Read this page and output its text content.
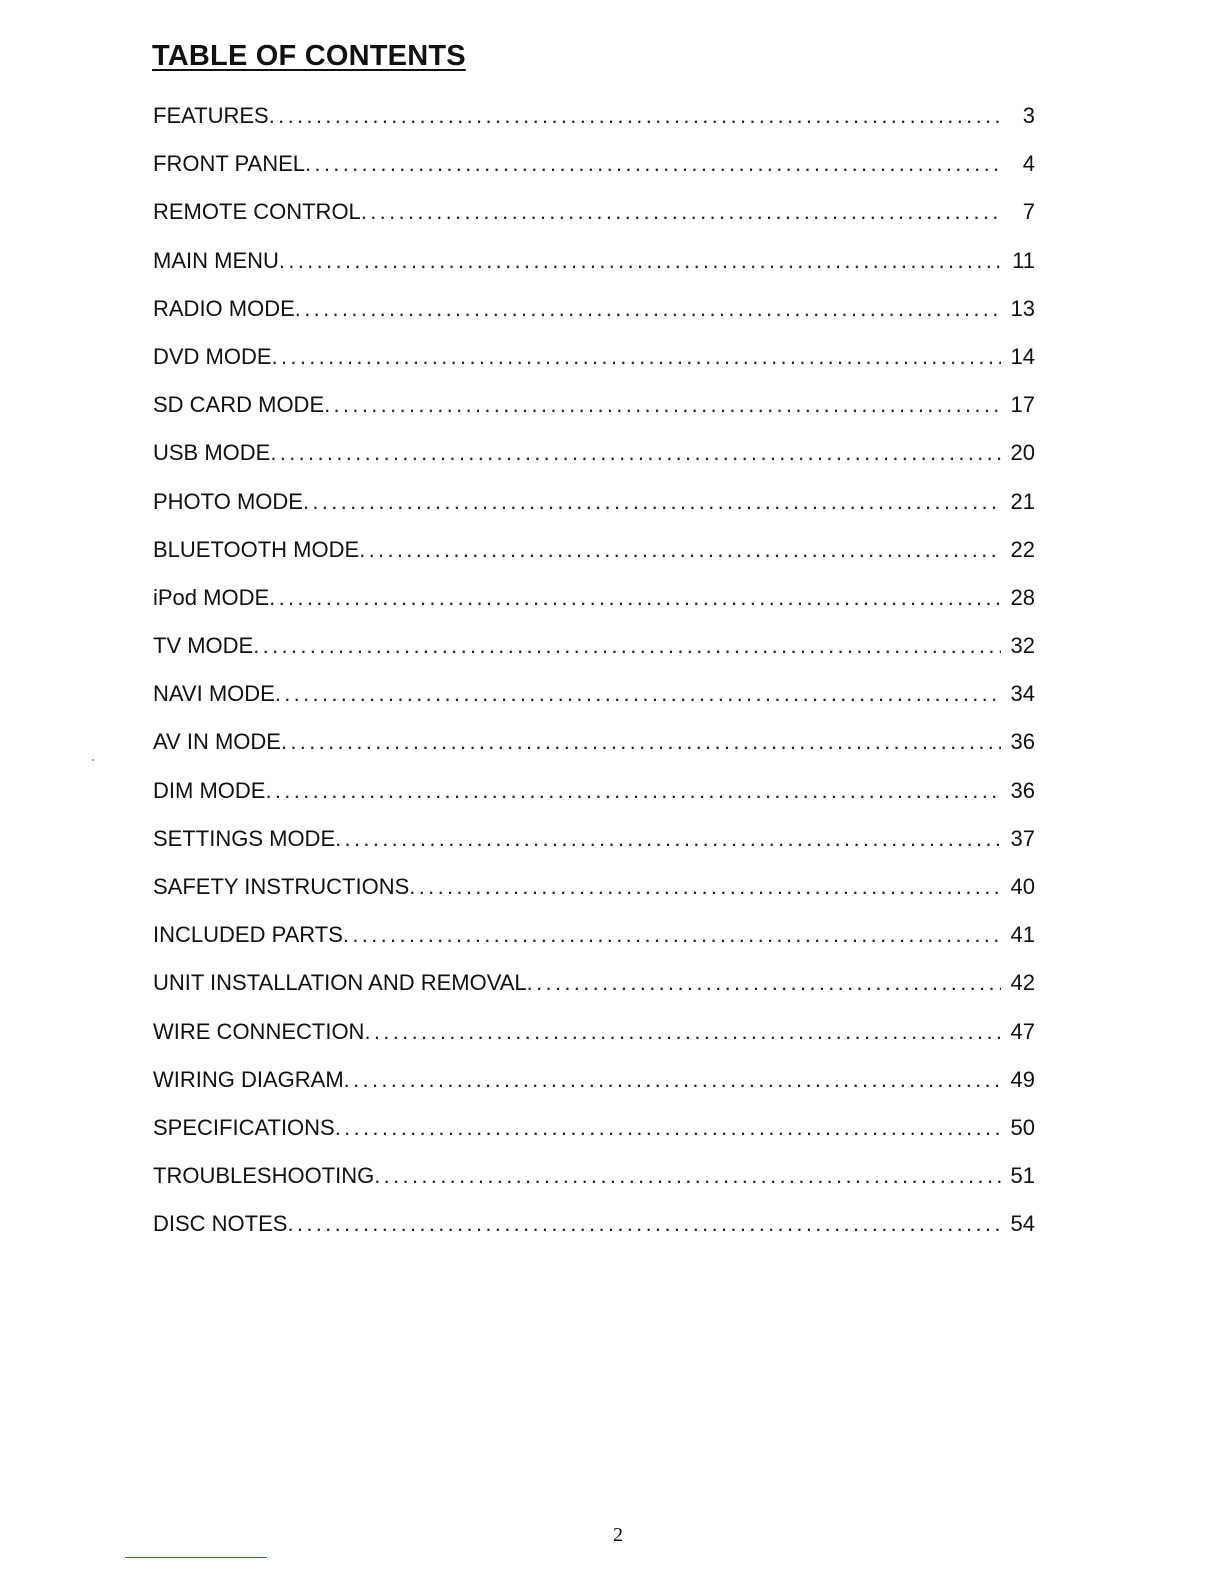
TABLE OF CONTENTS
FEATURES . . .	3
FRONT PANEL . . .	4
REMOTE CONTROL . . .	7
MAIN MENU . . .	11
RADIO MODE . . .	13
DVD MODE . . .	14
SD CARD MODE . . .	17
USB MODE . . .	20
PHOTO MODE . . .	21
BLUETOOTH MODE . . .	22
iPod MODE . . .	28
TV MODE . . .	32
NAVI MODE . . .	34
AV IN MODE . . .	36
DIM MODE . . .	36
SETTINGS MODE . . .	37
SAFETY INSTRUCTIONS . . .	40
INCLUDED PARTS . . .	41
UNIT INSTALLATION AND REMOVAL . . .	42
WIRE CONNECTION . . .	47
WIRING DIAGRAM . . .	49
SPECIFICATIONS . . .	50
TROUBLESHOOTING . . .	51
DISC NOTES . . .	54
2
